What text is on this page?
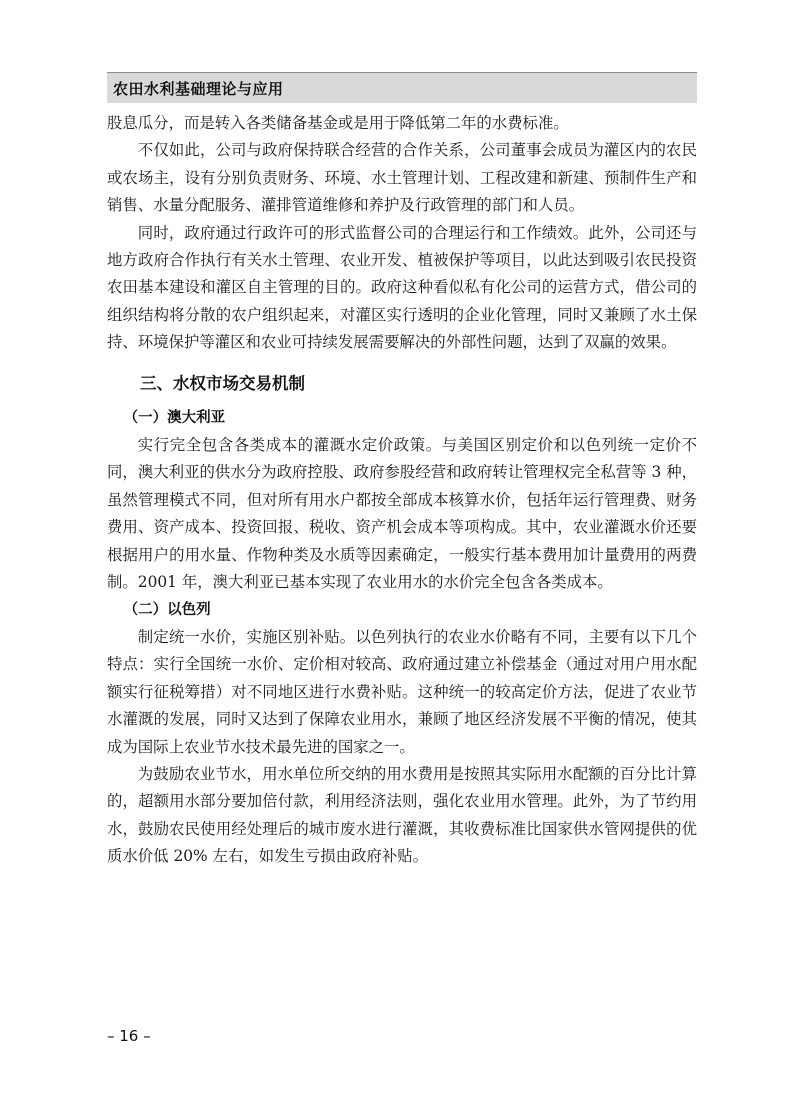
农田水利基础理论与应用

股息瓜分，而是转入各类储备基金或是用于降低第二年的水费标准。

不仅如此，公司与政府保持联合经营的合作关系，公司董事会成员为灌区内的农民或农场主，设有分别负责财务、环境、水土管理计划、工程改建和新建、预制件生产和销售、水量分配服务、灌排管道维修和养护及行政管理的部门和人员。

同时，政府通过行政许可的形式监督公司的合理运行和工作绩效。此外，公司还与地方政府合作执行有关水土管理、农业开发、植被保护等项目，以此达到吸引农民投资农田基本建设和灌区自主管理的目的。政府这种看似私有化公司的运营方式，借公司的组织结构将分散的农户组织起来，对灌区实行透明的企业化管理，同时又兼顾了水土保持、环境保护等灌区和农业可持续发展需要解决的外部性问题，达到了双赢的效果。

三、水权市场交易机制
（一）澳大利亚

实行完全包含各类成本的灌溉水定价政策。与美国区别定价和以色列统一定价不同，澳大利亚的供水分为政府控股、政府参股经营和政府转让管理权完全私营等 3 种，虽然管理模式不同，但对所有用水户都按全部成本核算水价，包括年运行管理费、财务费用、资产成本、投资回报、税收、资产机会成本等项构成。其中，农业灌溉水价还要根据用户的用水量、作物种类及水质等因素确定，一般实行基本费用加计量费用的两费制。2001 年，澳大利亚已基本实现了农业用水的水价完全包含各类成本。

（二）以色列

制定统一水价，实施区别补贴。以色列执行的农业水价略有不同，主要有以下几个特点：实行全国统一水价、定价相对较高、政府通过建立补偿基金（通过对用户用水配额实行征税筹措）对不同地区进行水费补贴。这种统一的较高定价方法，促进了农业节水灌溉的发展，同时又达到了保障农业用水，兼顾了地区经济发展不平衡的情况，使其成为国际上农业节水技术最先进的国家之一。

为鼓励农业节水，用水单位所交纳的用水费用是按照其实际用水配额的百分比计算的，超额用水部分要加倍付款，利用经济法则，强化农业用水管理。此外，为了节约用水，鼓励农民使用经处理后的城市废水进行灌溉，其收费标准比国家供水管网提供的优质水价低 20% 左右，如发生亏损由政府补贴。

– 16 –
